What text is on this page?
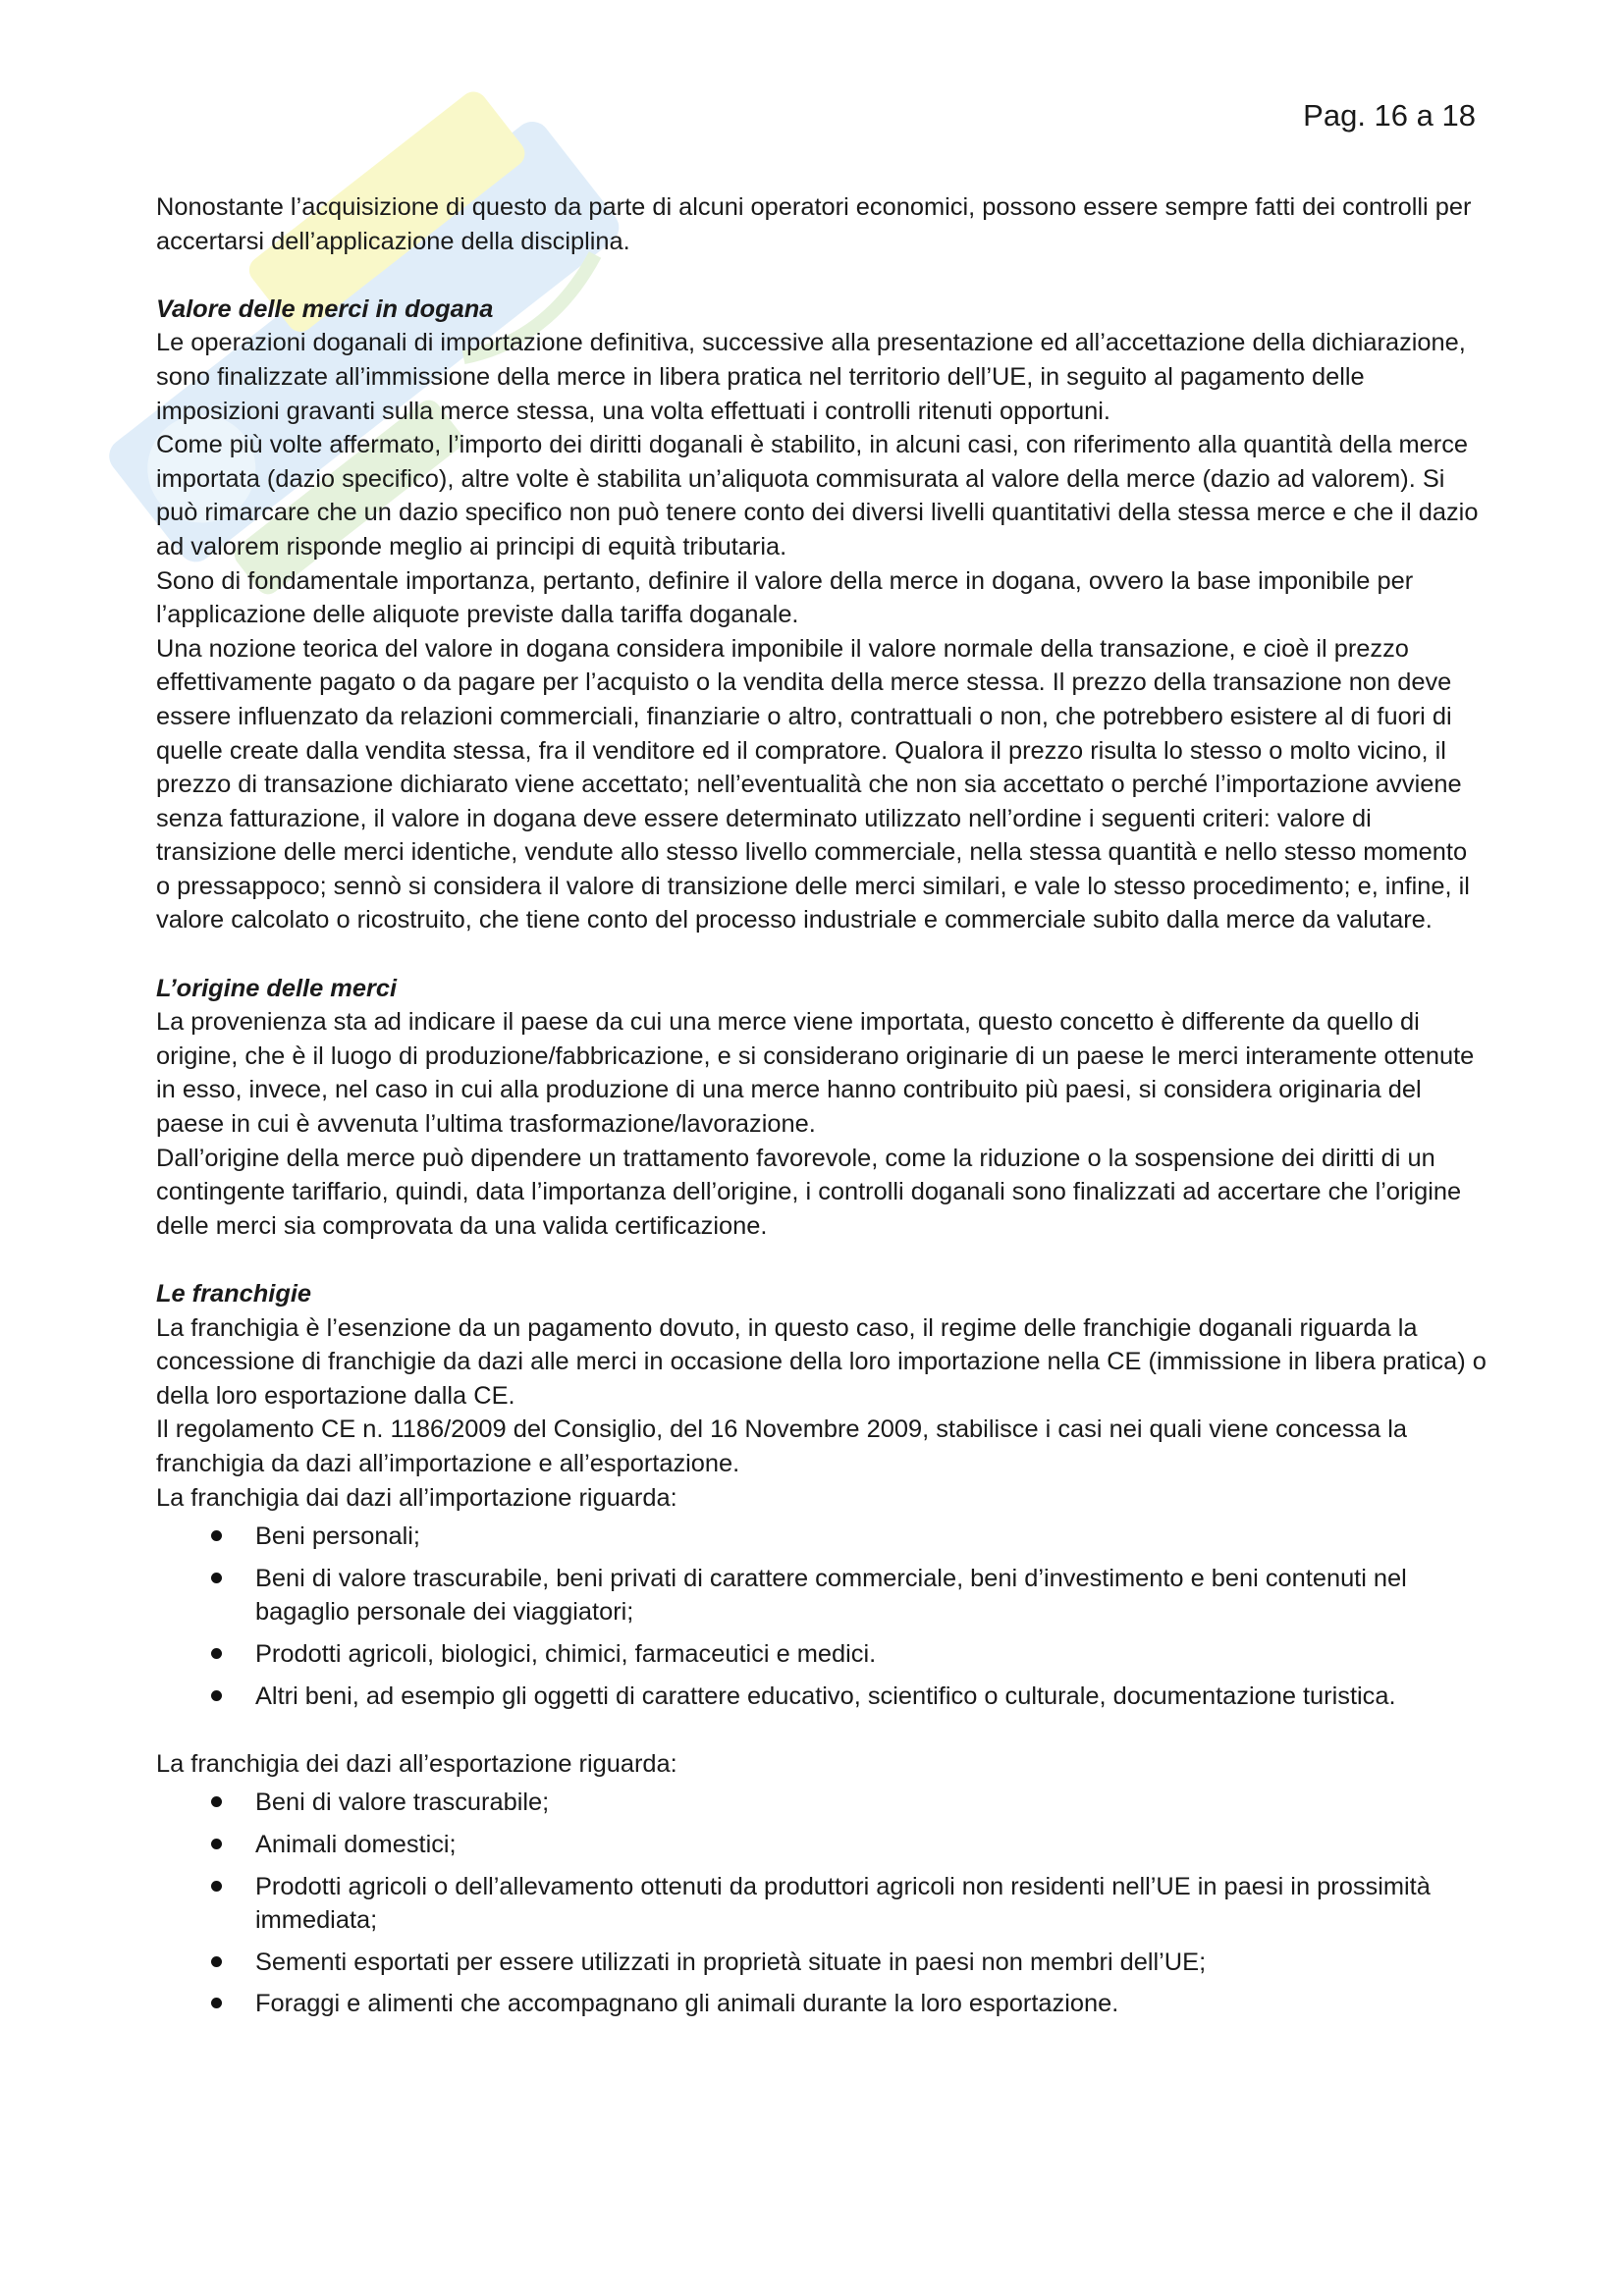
Pag. 16 a 18

Nonostante l’acquisizione di questo da parte di alcuni operatori economici, possono essere sempre fatti dei controlli per accertarsi dell’applicazione della disciplina.

Valore delle merci in dogana

Le operazioni doganali di importazione definitiva, successive alla presentazione ed all’accettazione della dichiarazione, sono finalizzate all’immissione della merce in libera pratica nel territorio dell’UE, in seguito al pagamento delle imposizioni gravanti sulla merce stessa, una volta effettuati i controlli ritenuti opportuni.

Come più volte affermato, l’importo dei diritti doganali è stabilito, in alcuni casi, con riferimento alla quantità della merce importata (dazio specifico), altre volte è stabilita un’aliquota commisurata al valore della merce (dazio ad valorem). Si può rimarcare che un dazio specifico non può tenere conto dei diversi livelli quantitativi della stessa merce e che il dazio ad valorem risponde meglio ai principi di equità tributaria.

Sono di fondamentale importanza, pertanto, definire il valore della merce in dogana, ovvero la base imponibile per l’applicazione delle aliquote previste dalla tariffa doganale.

Una nozione teorica del valore in dogana considera imponibile il valore normale della transazione, e cioè il prezzo effettivamente pagato o da pagare per l’acquisto o la vendita della merce stessa. Il prezzo della transazione non deve essere influenzato da relazioni commerciali, finanziarie o altro, contrattuali o non, che potrebbero esistere al di fuori di quelle create dalla vendita stessa, fra il venditore ed il compratore. Qualora il prezzo risulta lo stesso o molto vicino, il prezzo di transazione dichiarato viene accettato; nell’eventualità che non sia accettato o perché l’importazione avviene senza fatturazione, il valore in dogana deve essere determinato utilizzato nell’ordine i seguenti criteri: valore di transizione delle merci identiche, vendute allo stesso livello commerciale, nella stessa quantità e nello stesso momento o pressappoco; sennò si considera il valore di transizione delle merci similari, e vale lo stesso procedimento; e, infine, il valore calcolato o ricostruito, che tiene conto del processo industriale e commerciale subito dalla merce da valutare.

L’origine delle merci

La provenienza sta ad indicare il paese da cui una merce viene importata, questo concetto è differente da quello di origine, che è il luogo di produzione/fabbricazione, e si considerano originarie di un paese le merci interamente ottenute in esso, invece, nel caso in cui alla produzione di una merce hanno contribuito più paesi, si considera originaria del paese in cui è avvenuta l’ultima trasformazione/lavorazione.

Dall’origine della merce può dipendere un trattamento favorevole, come la riduzione o la sospensione dei diritti di un contingente tariffario, quindi, data l’importanza dell’origine, i controlli doganali sono finalizzati ad accertare che l’origine delle merci sia comprovata da una valida certificazione.

Le franchigie

La franchigia è l’esenzione da un pagamento dovuto, in questo caso, il regime delle franchigie doganali riguarda la concessione di franchigie da dazi alle merci in occasione della loro importazione nella CE (immissione in libera pratica) o della loro esportazione dalla CE.

Il regolamento CE n. 1186/2009 del Consiglio, del 16 Novembre 2009, stabilisce i casi nei quali viene concessa la franchigia da dazi all’importazione e all’esportazione.

La franchigia dai dazi all’importazione riguarda:

Beni personali;
Beni di valore trascurabile, beni privati di carattere commerciale, beni d’investimento e beni contenuti nel bagaglio personale dei viaggiatori;
Prodotti agricoli, biologici, chimici, farmaceutici e medici.
Altri beni, ad esempio gli oggetti di carattere educativo, scientifico o culturale, documentazione turistica.

La franchigia dei dazi all’esportazione riguarda:

Beni di valore trascurabile;
Animali domestici;
Prodotti agricoli o dell’allevamento ottenuti da produttori agricoli non residenti nell’UE in paesi in prossimità immediata;
Sementi esportati per essere utilizzati in proprietà situate in paesi non membri dell’UE;
Foraggi e alimenti che accompagnano gli animali durante la loro esportazione.
